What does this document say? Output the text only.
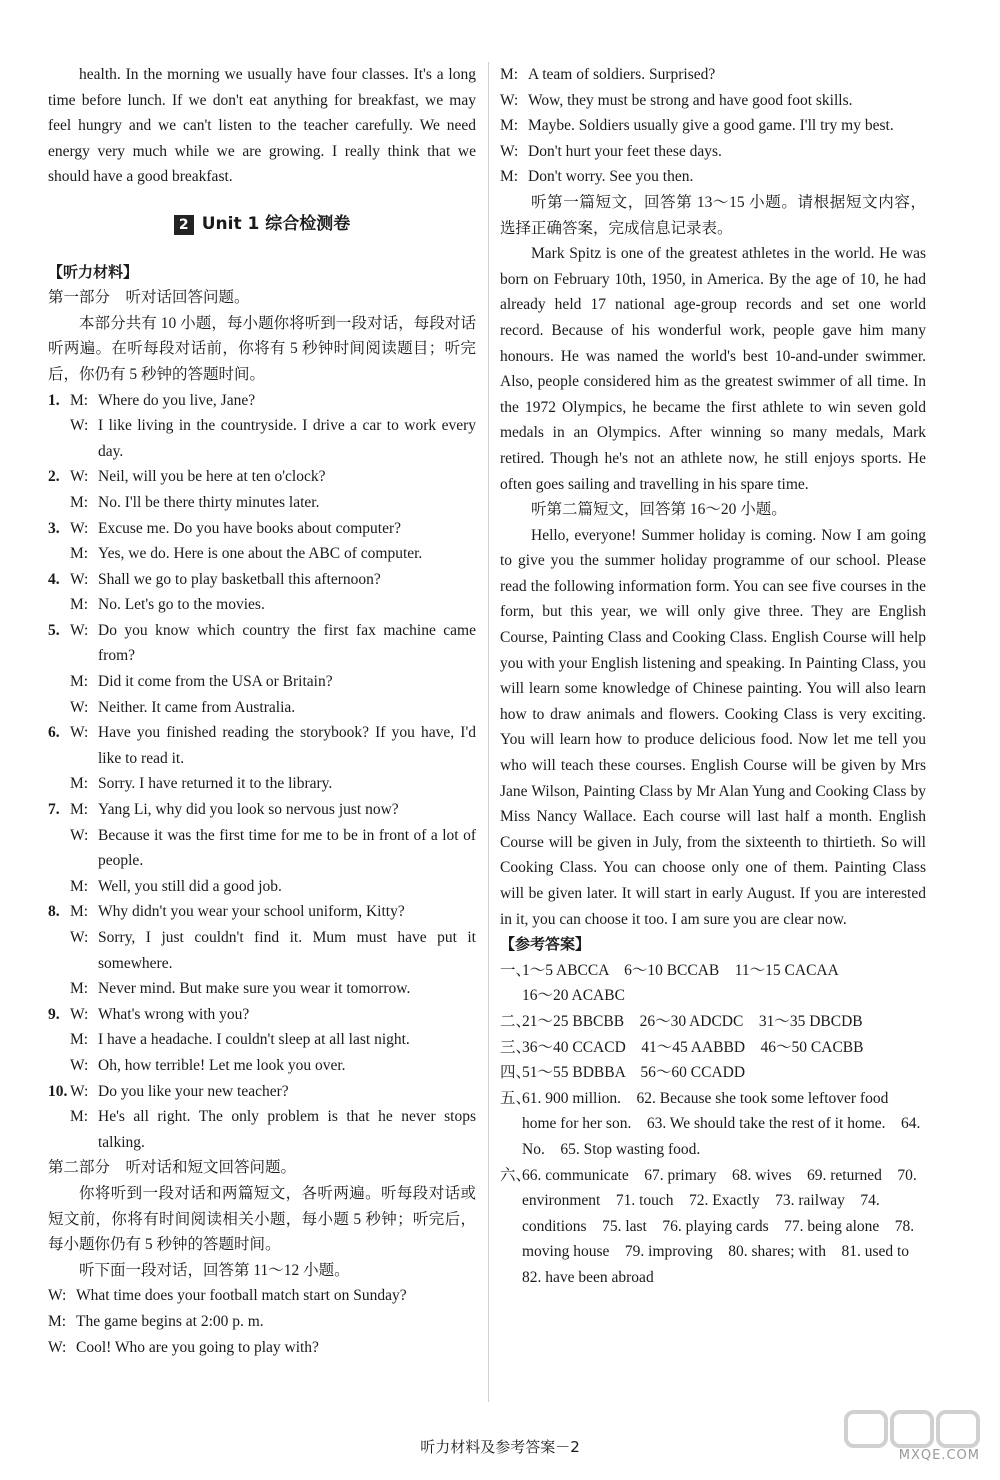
health. In the morning we usually have four classes. It's a long time before lunch. If we don't eat anything for breakfast, we may feel hungry and we can't listen to the teacher carefully. We need energy very much while we are growing. I really think that we should have a good breakfast.
2 Unit 1 综合检测卷
【听力材料】
第一部分　听对话回答问题。
本部分共有 10 小题，每小题你将听到一段对话，每段对话听两遍。在听每段对话前，你将有 5 秒钟时间阅读题目；听完后，你仍有 5 秒钟的答题时间。
1. M: Where do you live, Jane?
W: I like living in the countryside. I drive a car to work every day.
2. W: Neil, will you be here at ten o'clock?
M: No. I'll be there thirty minutes later.
3. W: Excuse me. Do you have books about computer?
M: Yes, we do. Here is one about the ABC of computer.
4. W: Shall we go to play basketball this afternoon?
M: No. Let's go to the movies.
5. W: Do you know which country the first fax machine came from?
M: Did it come from the USA or Britain?
W: Neither. It came from Australia.
6. W: Have you finished reading the storybook? If you have, I'd like to read it.
M: Sorry. I have returned it to the library.
7. M: Yang Li, why did you look so nervous just now?
W: Because it was the first time for me to be in front of a lot of people.
M: Well, you still did a good job.
8. M: Why didn't you wear your school uniform, Kitty?
W: Sorry, I just couldn't find it. Mum must have put it somewhere.
M: Never mind. But make sure you wear it tomorrow.
9. W: What's wrong with you?
M: I have a headache. I couldn't sleep at all last night.
W: Oh, how terrible! Let me look you over.
10. W: Do you like your new teacher?
M: He's all right. The only problem is that he never stops talking.
第二部分　听对话和短文回答问题。
你将听到一段对话和两篇短文，各听两遍。听每段对话或短文前，你将有时间阅读相关小题，每小题 5 秒钟；听完后，每小题你仍有 5 秒钟的答题时间。
听下面一段对话，回答第 11～12 小题。
W: What time does your football match start on Sunday?
M: The game begins at 2:00 p. m.
W: Cool! Who are you going to play with?
M: A team of soldiers. Surprised?
W: Wow, they must be strong and have good foot skills.
M: Maybe. Soldiers usually give a good game. I'll try my best.
W: Don't hurt your feet these days.
M: Don't worry. See you then.
听第一篇短文，回答第 13～15 小题。请根据短文内容，选择正确答案，完成信息记录表。
Mark Spitz is one of the greatest athletes in the world. He was born on February 10th, 1950, in America. By the age of 10, he had already held 17 national age-group records and set one world record. Because of his wonderful work, people gave him many honours. He was named the world's best 10-and-under swimmer. Also, people considered him as the greatest swimmer of all time. In the 1972 Olympics, he became the first athlete to win seven gold medals in an Olympics. After winning so many medals, Mark retired. Though he's not an athlete now, he still enjoys sports. He often goes sailing and travelling in his spare time.
听第二篇短文，回答第 16～20 小题。
Hello, everyone! Summer holiday is coming. Now I am going to give you the summer holiday programme of our school. Please read the following information form. You can see five courses in the form, but this year, we will only give three. They are English Course, Painting Class and Cooking Class. English Course will help you with your English listening and speaking. In Painting Class, you will learn some knowledge of Chinese painting. You will also learn how to draw animals and flowers. Cooking Class is very exciting. You will learn how to produce delicious food. Now let me tell you who will teach these courses. English Course will be given by Mrs Jane Wilson, Painting Class by Mr Alan Yung and Cooking Class by Miss Nancy Wallace. Each course will last half a month. English Course will be given in July, from the sixteenth to thirtieth. So will Cooking Class. You can choose only one of them. Painting Class will be given later. It will start in early August. If you are interested in it, you can choose it too. I am sure you are clear now.
【参考答案】
一、
1～5 ABCCA　6～10 BCCAB　11～15 CACAA
16～20 ACABC
二、
21～25 BBCBB　26～30 ADCDC　31～35 DBCDB
三、
36～40 CCACD　41～45 AABBD　46～50 CACBB
四、
51～55 BDBBA　56～60 CCADD
五、
61. 900 million.　62. Because she took some leftover food home for her son.　63. We should take the rest of it home.　64. No.　65. Stop wasting food.
六、
66. communicate　67. primary　68. wives　69. returned　70. environment　71. touch　72. Exactly　73. railway　74. conditions　75. last　76. playing cards　77. being alone　78. moving house　79. improving　80. shares; with　81. used to　82. have been abroad
听力材料及参考答案－2	MXQE.COM
